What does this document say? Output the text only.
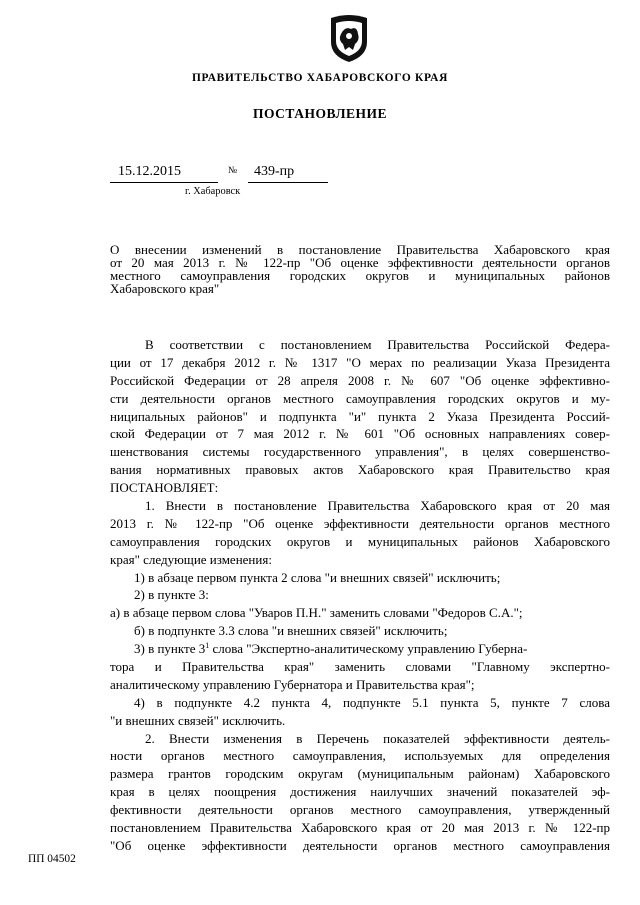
ПРАВИТЕЛЬСТВО ХАБАРОВСКОГО КРАЯ
ПОСТАНОВЛЕНИЕ
15.12.2015	№ 439-пр
г. Хабаровск
О внесении изменений в постановление Правительства Хабаровского края
от 20 мая 2013 г. № 122-пр "Об оценке эффективности деятельности органов
местного самоуправления городских округов и муниципальных районов
Хабаровского края"
В соответствии с постановлением Правительства Российской Федера-
ции от 17 декабря 2012 г. № 1317 "О мерах по реализации Указа Президента
Российской Федерации от 28 апреля 2008 г. № 607 "Об оценке эффективно-
сти деятельности органов местного самоуправления городских округов и му-
ниципальных районов" и подпункта "и" пункта 2 Указа Президента Россий-
ской Федерации от 7 мая 2012 г. № 601 "Об основных направлениях совер-
шенствования системы государственного управления", в целях совершенство-
вания нормативных правовых актов Хабаровского края Правительство края
ПОСТАНОВЛЯЕТ:
1. Внести в постановление Правительства Хабаровского края от 20 мая
2013 г. № 122-пр "Об оценке эффективности деятельности органов местного
самоуправления городских округов и муниципальных районов Хабаровского
края" следующие изменения:
1) в абзаце первом пункта 2 слова "и внешних связей" исключить;
2) в пункте 3:
а) в абзаце первом слова "Уваров П.Н." заменить словами "Федоров С.А.";
б) в подпункте 3.3 слова "и внешних связей" исключить;
3) в пункте $3^1$ слова "Экспертно-аналитическому управлению Губерна-
тора и Правительства края" заменить словами "Главному экспертно-
аналитическому управлению Губернатора и Правительства края";
4) в подпункте 4.2 пункта 4, подпункте 5.1 пункта 5, пункте 7 слова
"и внешних связей" исключить.
2. Внести изменения в Перечень показателей эффективности деятель-
ности органов местного самоуправления, используемых для определения
размера грантов городским округам (муниципальным районам) Хабаровского
края в целях поощрения достижения наилучших значений показателей эф-
фективности деятельности органов местного самоуправления, утвержденный
постановлением Правительства Хабаровского края от 20 мая 2013 г. № 122-пр
"Об оценке эффективности деятельности органов местного самоуправления
ПП 04502
